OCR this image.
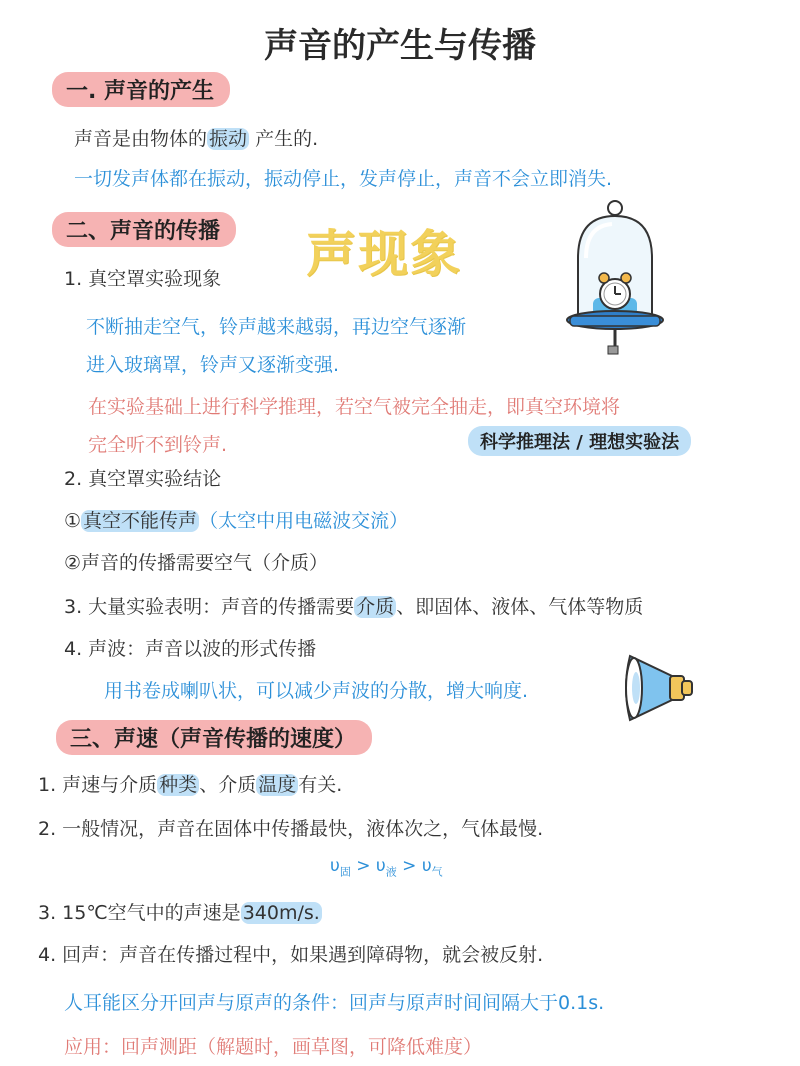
声音的产生与传播
一. 声音的产生
声音是由物体的 振动 产生的.
一切发声体都在振动，振动停止，发声停止，声音不会立即消失.
二、声音的传播	声现象
1. 真空罩实验现象
不断抽走空气，铃声越来越弱，再边空气逐渐
进入玻璃罩，铃声又逐渐变强.
在实验基础上进行科学推理，若空气被完全抽走，即真空环境将
完全听不到铃声.	科学推理法 / 理想实验法
2. 真空罩实验结论
① 真空不能传声 （太空中用电磁波交流）
②声音的传播需要空气（介质）
3. 大量实验表明：声音的传播需要 介质 、即固体、液体、气体等物质
4. 声波：声音以波的形式传播
用书卷成喇叭状，可以减少声波的分散，增大响度.
三、声速（声音传播的速度）
1. 声速与介质 种类 、介质 温度 有关.
2. 一般情况，声音在固体中传播最快，液体次之，气体最慢.
$\upsilon_固 > \upsilon_液 > \upsilon_气$
3. 15℃空气中的声速是 340m/s.
4. 回声：声音在传播过程中，如果遇到障碍物，就会被反射.
人耳能区分开回声与原声的条件：回声与原声时间间隔大于0.1s.
应用：回声测距（解题时，画草图，可降低难度）
